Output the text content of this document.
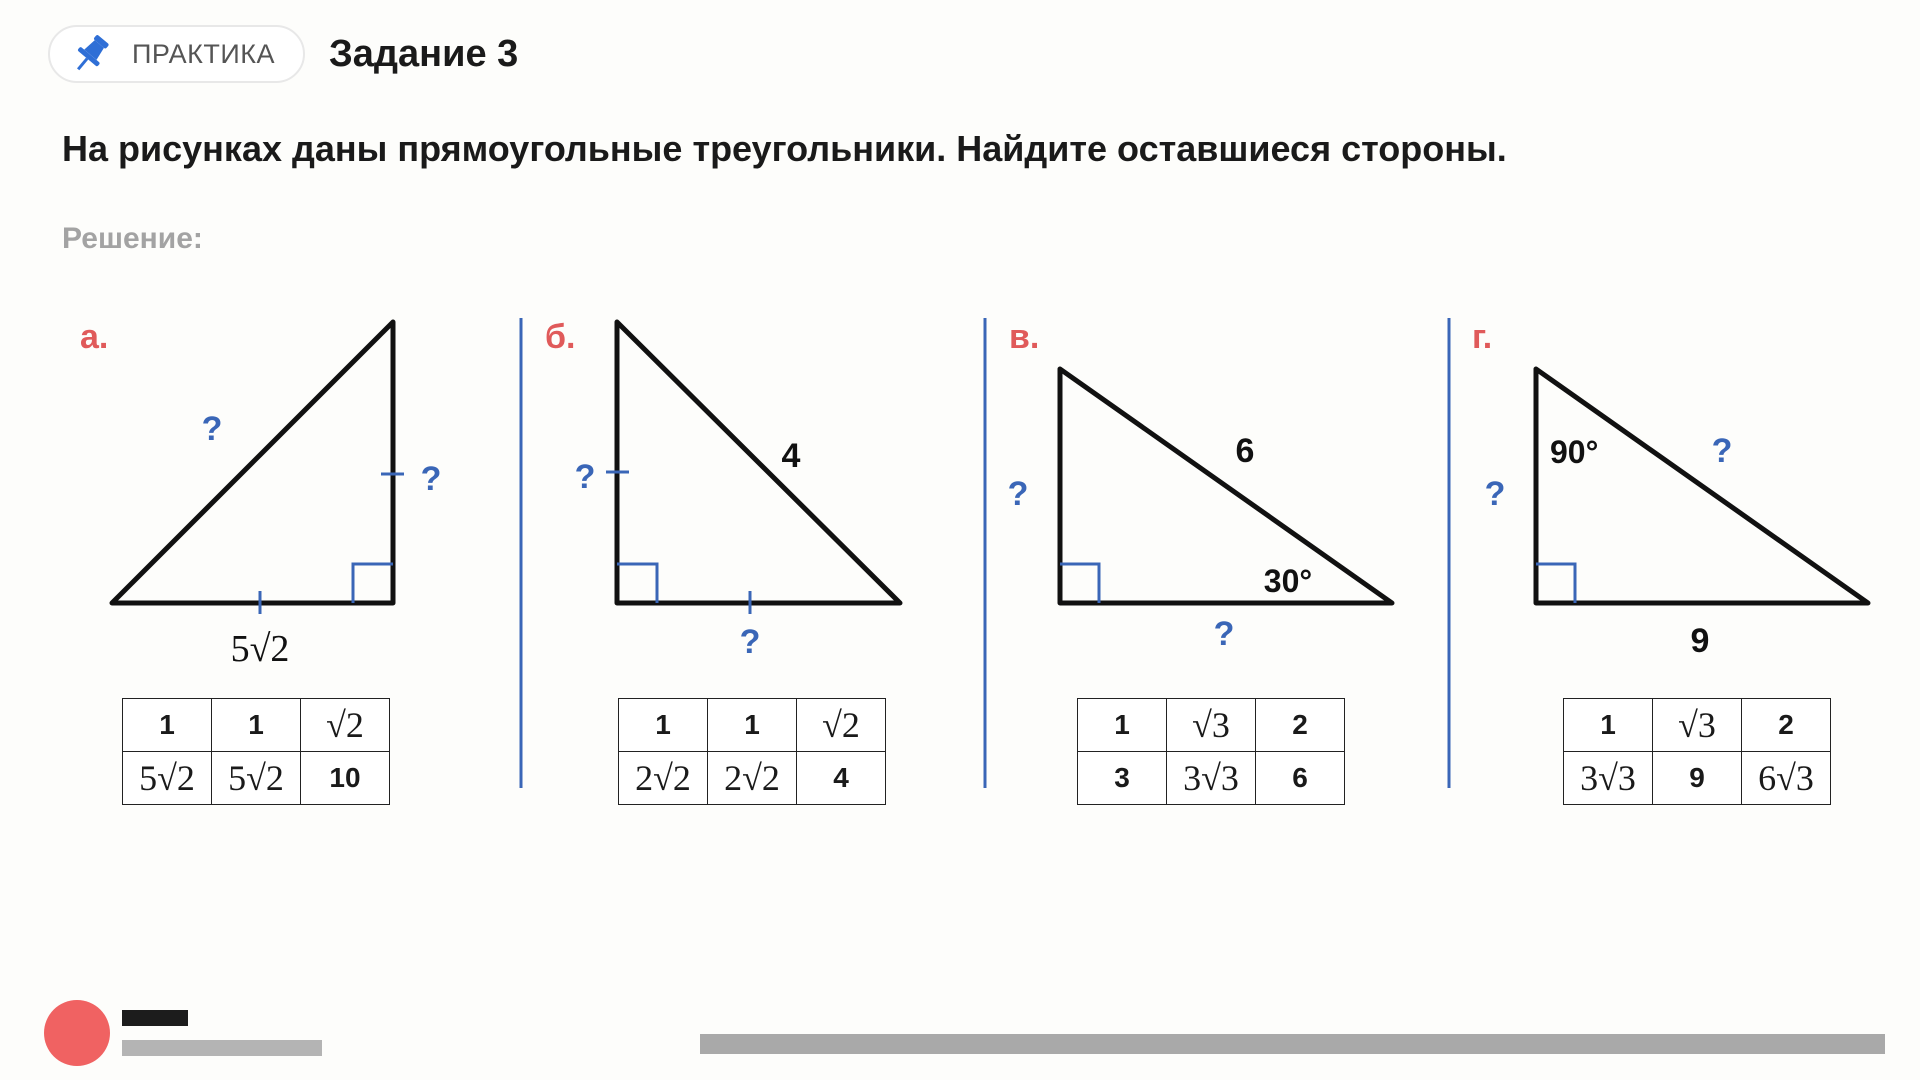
ПРАКТИКА Задание 3
На рисунках даны прямоугольные треугольники. Найдите оставшиеся стороны.
Решение:
а.
?
?
5√2
б.
4
?
?
в.
6
30°
?
?
г.
90°	?
?
9
1	1	√2
5√2	5√2	10
1	1	√2
2√2	2√2	4
1	√3	2
3	3√3	6
1	√3	2
3√3	9	6√3
